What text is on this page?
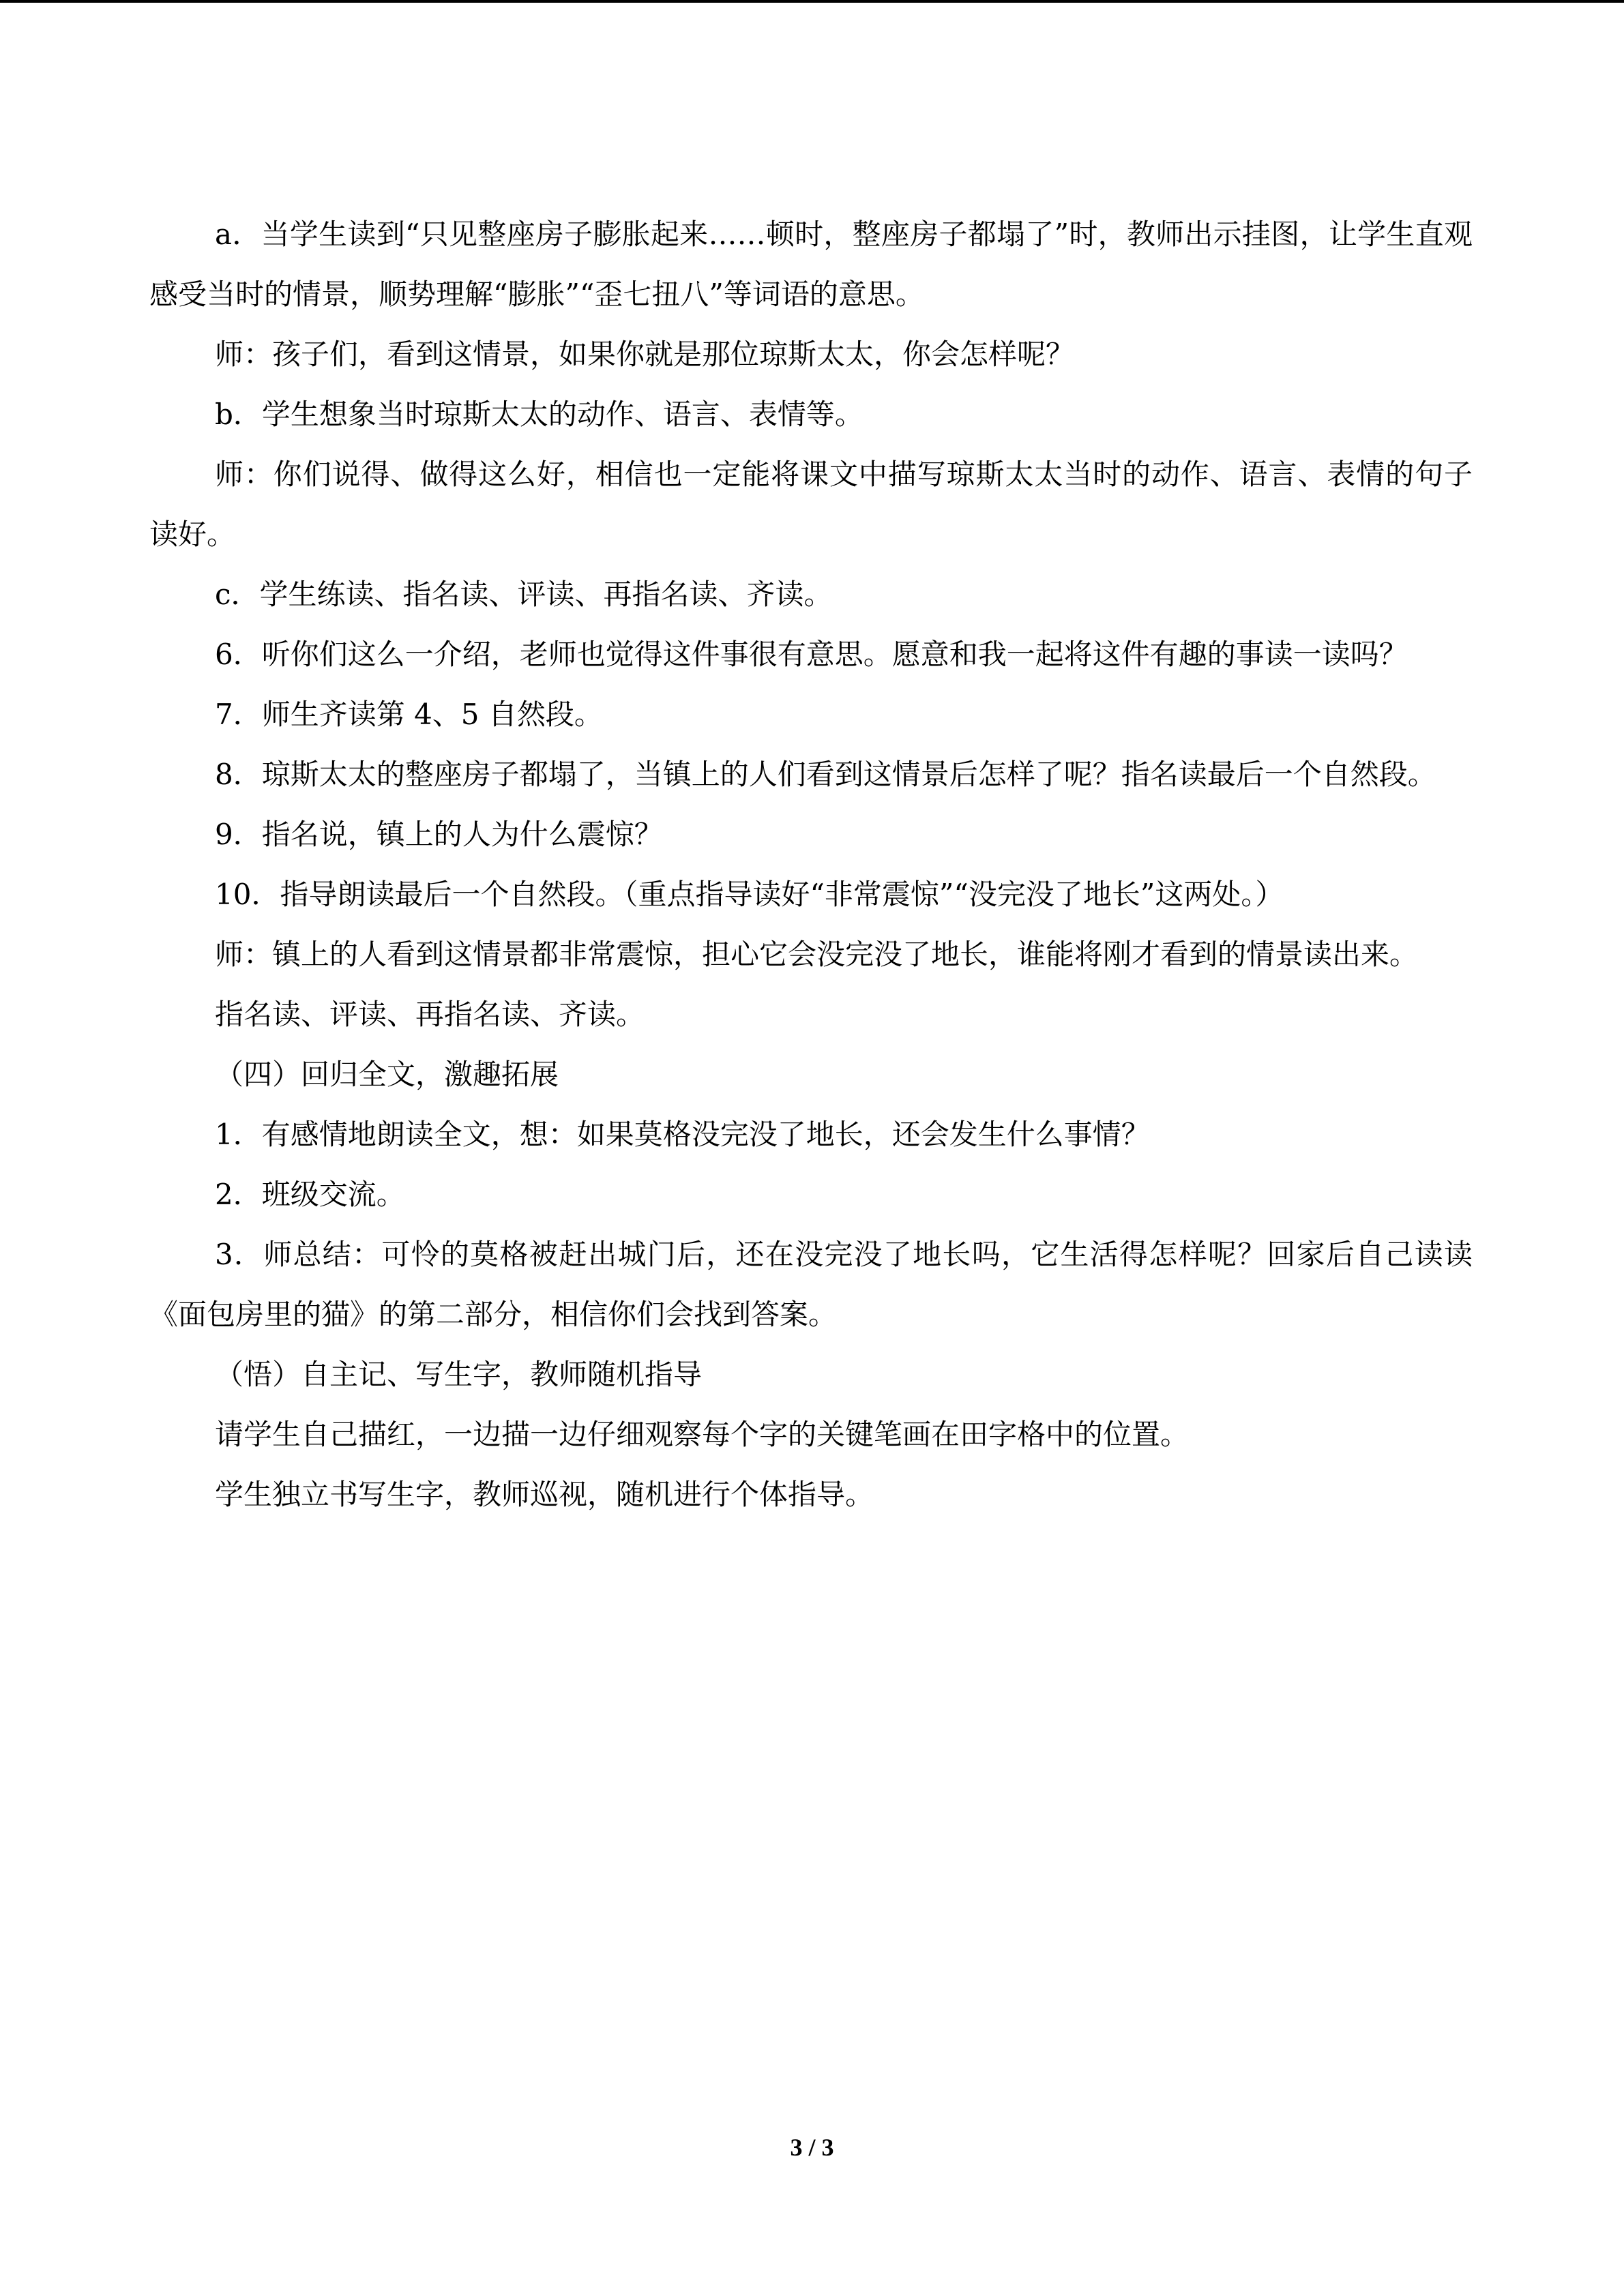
a．当学生读到“只见整座房子膨胀起来……顿时，整座房子都塌了”时，教师出示挂图，让学生直观感受当时的情景，顺势理解“膨胀”“歪七扭八”等词语的意思。

师：孩子们，看到这情景，如果你就是那位琼斯太太，你会怎样呢？

b．学生想象当时琼斯太太的动作、语言、表情等。

师：你们说得、做得这么好，相信也一定能将课文中描写琼斯太太当时的动作、语言、表情的句子读好。

c．学生练读、指名读、评读、再指名读、齐读。

6．听你们这么一介绍，老师也觉得这件事很有意思。愿意和我一起将这件有趣的事读一读吗？

7．师生齐读第 4、5 自然段。

8．琼斯太太的整座房子都塌了，当镇上的人们看到这情景后怎样了呢？指名读最后一个自然段。

9．指名说，镇上的人为什么震惊？

10．指导朗读最后一个自然段。（重点指导读好“非常震惊”“没完没了地长”这两处。）

师：镇上的人看到这情景都非常震惊，担心它会没完没了地长，谁能将刚才看到的情景读出来。

指名读、评读、再指名读、齐读。

（四）回归全文，激趣拓展

1．有感情地朗读全文，想：如果莫格没完没了地长，还会发生什么事情？

2．班级交流。

3．师总结：可怜的莫格被赶出城门后，还在没完没了地长吗，它生活得怎样呢？回家后自己读读《面包房里的猫》的第二部分，相信你们会找到答案。

（悟）自主记、写生字，教师随机指导

请学生自己描红，一边描一边仔细观察每个字的关键笔画在田字格中的位置。

学生独立书写生字，教师巡视，随机进行个体指导。

3 / 3
